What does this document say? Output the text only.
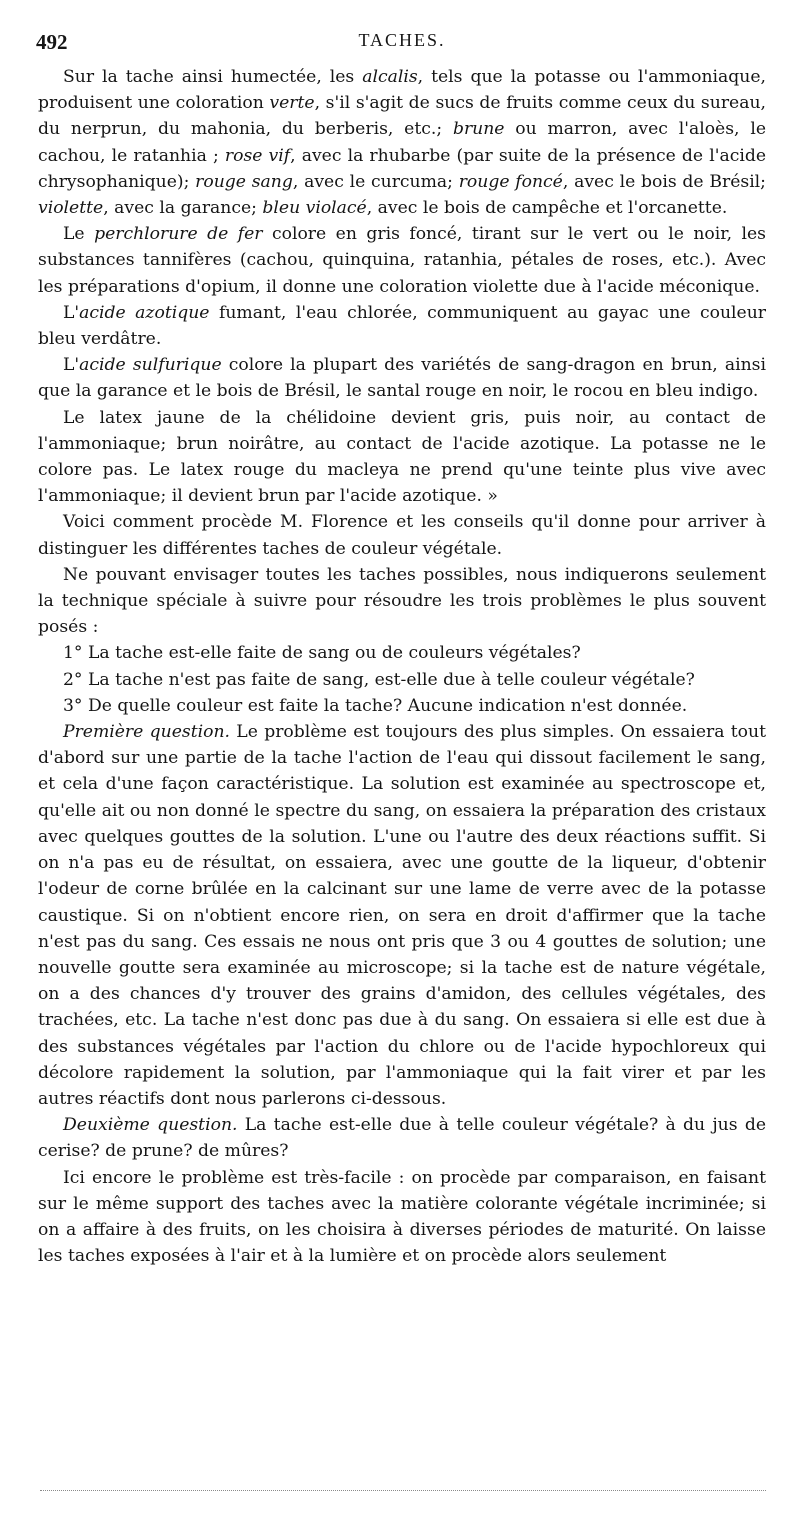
492	TACHES.

Sur la tache ainsi humectée, les alcalis, tels que la potasse ou l'ammoniaque, produisent une coloration verte, s'il s'agit de sucs de fruits comme ceux du sureau, du nerprun, du mahonia, du berberis, etc.; brune ou marron, avec l'aloès, le cachou, le ratanhia ; rose vif, avec la rhubarbe (par suite de la présence de l'acide chrysophanique); rouge sang, avec le curcuma; rouge foncé, avec le bois de Brésil; violette, avec la garance; bleu violacé, avec le bois de campêche et l'orcanette.

Le perchlorure de fer colore en gris foncé, tirant sur le vert ou le noir, les substances tannifères (cachou, quinquina, ratanhia, pétales de roses, etc.). Avec les préparations d'opium, il donne une coloration violette due à l'acide méconique.

L'acide azotique fumant, l'eau chlorée, communiquent au gayac une couleur bleu verdâtre.

L'acide sulfurique colore la plupart des variétés de sang-dragon en brun, ainsi que la garance et le bois de Brésil, le santal rouge en noir, le rocou en bleu indigo.

Le latex jaune de la chélidoine devient gris, puis noir, au contact de l'ammoniaque; brun noirâtre, au contact de l'acide azotique. La potasse ne le colore pas. Le latex rouge du macleya ne prend qu'une teinte plus vive avec l'ammoniaque; il devient brun par l'acide azotique. »

Voici comment procède M. Florence et les conseils qu'il donne pour arriver à distinguer les différentes taches de couleur végétale.

Ne pouvant envisager toutes les taches possibles, nous indiquerons seulement la technique spéciale à suivre pour résoudre les trois problèmes le plus souvent posés :

1° La tache est-elle faite de sang ou de couleurs végétales?

2° La tache n'est pas faite de sang, est-elle due à telle couleur végétale?

3° De quelle couleur est faite la tache? Aucune indication n'est donnée.

Première question. Le problème est toujours des plus simples. On essaiera tout d'abord sur une partie de la tache l'action de l'eau qui dissout facilement le sang, et cela d'une façon caractéristique. La solution est examinée au spectroscope et, qu'elle ait ou non donné le spectre du sang, on essaiera la préparation des cristaux avec quelques gouttes de la solution. L'une ou l'autre des deux réactions suffit. Si on n'a pas eu de résultat, on essaiera, avec une goutte de la liqueur, d'obtenir l'odeur de corne brûlée en la calcinant sur une lame de verre avec de la potasse caustique. Si on n'obtient encore rien, on sera en droit d'affirmer que la tache n'est pas du sang. Ces essais ne nous ont pris que 3 ou 4 gouttes de solution; une nouvelle goutte sera examinée au microscope; si la tache est de nature végétale, on a des chances d'y trouver des grains d'amidon, des cellules végétales, des trachées, etc. La tache n'est donc pas due à du sang. On essaiera si elle est due à des substances végétales par l'action du chlore ou de l'acide hypochloreux qui décolore rapidement la solution, par l'ammoniaque qui la fait virer et par les autres réactifs dont nous parlerons ci-dessous.

Deuxième question. La tache est-elle due à telle couleur végétale? à du jus de cerise? de prune? de mûres?

Ici encore le problème est très-facile : on procède par comparaison, en faisant sur le même support des taches avec la matière colorante végétale incriminée; si on a affaire à des fruits, on les choisira à diverses périodes de maturité. On laisse les taches exposées à l'air et à la lumière et on procède alors seulement
